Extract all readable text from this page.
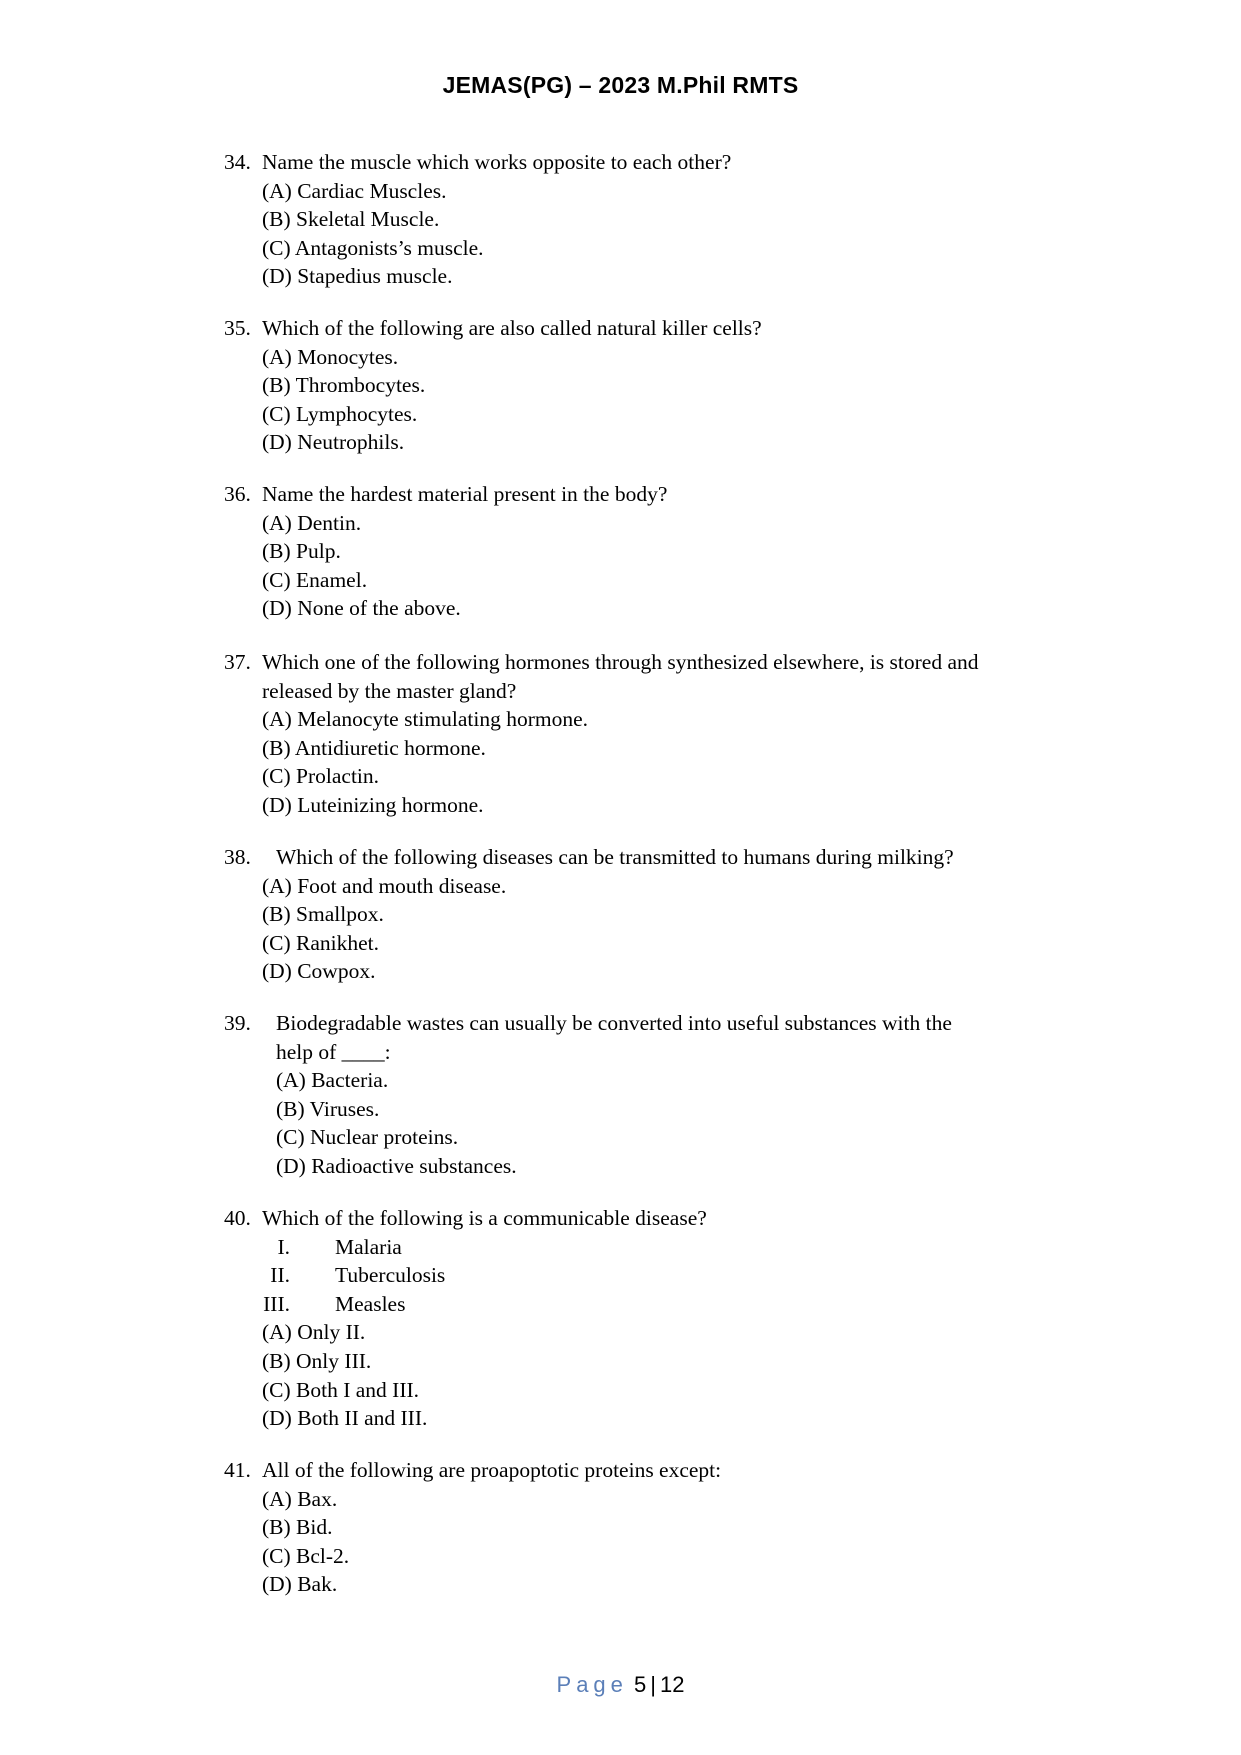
JEMAS(PG) – 2023 M.Phil RMTS
34. Name the muscle which works opposite to each other?
(A) Cardiac Muscles.
(B) Skeletal Muscle.
(C) Antagonists’s muscle.
(D) Stapedius muscle.
35. Which of the following are also called natural killer cells?
(A) Monocytes.
(B) Thrombocytes.
(C) Lymphocytes.
(D) Neutrophils.
36. Name the hardest material present in the body?
(A) Dentin.
(B) Pulp.
(C) Enamel.
(D) None of the above.
37. Which one of the following hormones through synthesized elsewhere, is stored and
released by the master gland?
(A) Melanocyte stimulating hormone.
(B) Antidiuretic hormone.
(C) Prolactin.
(D) Luteinizing hormone.
38. Which of the following diseases can be transmitted to humans during milking?
(A) Foot and mouth disease.
(B) Smallpox.
(C) Ranikhet.
(D) Cowpox.
39. Biodegradable wastes can usually be converted into useful substances with the
help of ____:
(A) Bacteria.
(B) Viruses.
(C) Nuclear proteins.
(D) Radioactive substances.
40. Which of the following is a communicable disease?
I. Malaria
II. Tuberculosis
III. Measles
(A) Only II.
(B) Only III.
(C) Both I and III.
(D) Both II and III.
41. All of the following are proapoptotic proteins except:
(A) Bax.
(B) Bid.
(C) Bcl-2.
(D) Bak.
Page 5 | 12
